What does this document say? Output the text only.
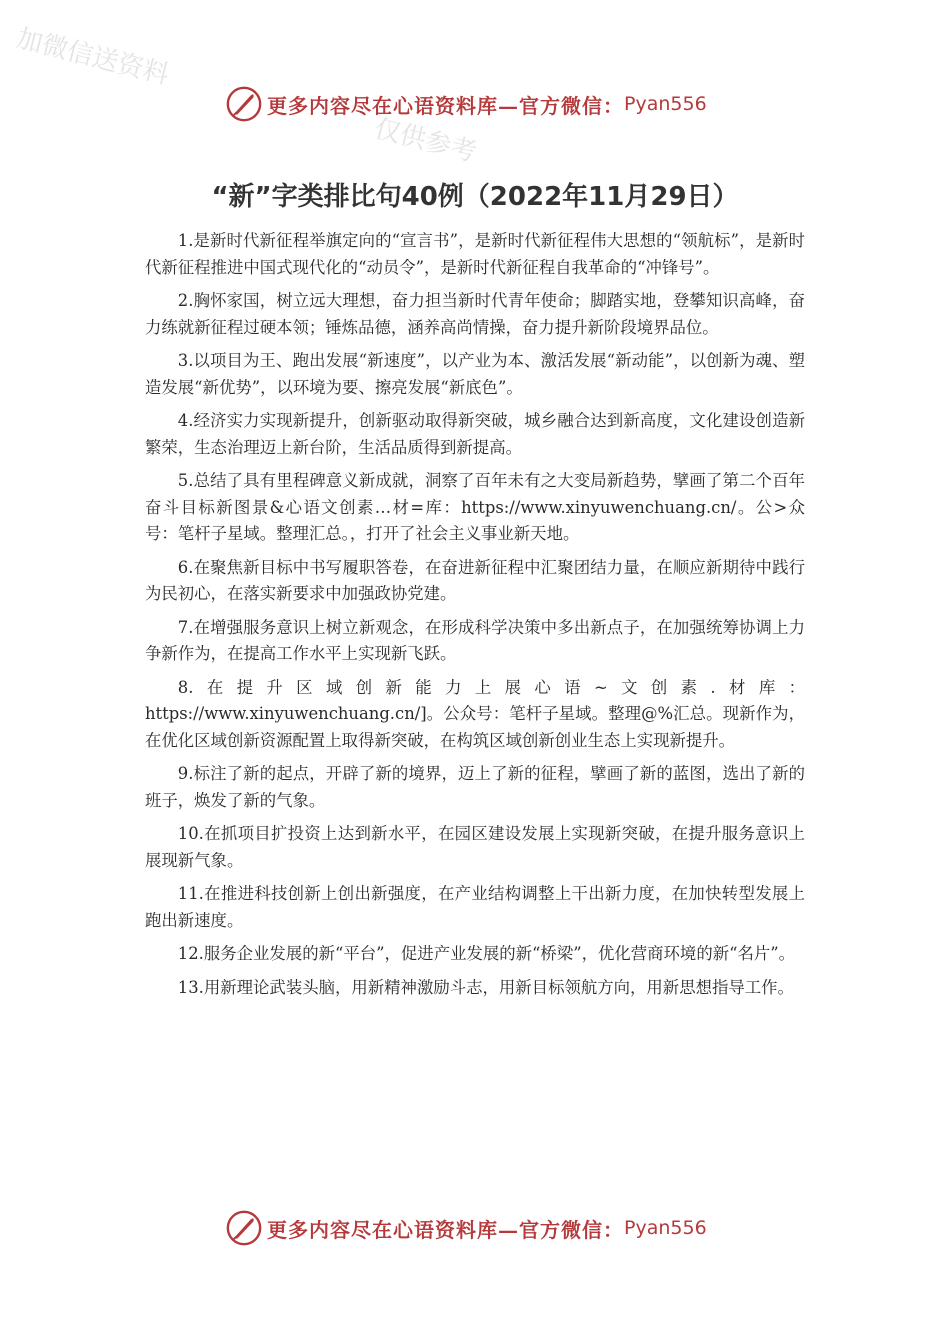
加微信送资料
仅供参考
更多内容尽在心语资料库—官方微信： Pyan556
“新”字类排比句40例（2022年11月29日）

1.是新时代新征程举旗定向的“宣言书”，是新时代新征程伟大思想的“领航标”，是新时代新征程推进中国式现代化的“动员令”，是新时代新征程自我革命的“冲锋号”。

2.胸怀家国，树立远大理想，奋力担当新时代青年使命；脚踏实地，登攀知识高峰，奋力练就新征程过硬本领；锤炼品德，涵养高尚情操，奋力提升新阶段境界品位。

3.以项目为王、跑出发展“新速度”，以产业为本、激活发展“新动能”，以创新为魂、塑造发展“新优势”，以环境为要、擦亮发展“新底色”。

4.经济实力实现新提升，创新驱动取得新突破，城乡融合达到新高度，文化建设创造新繁荣，生态治理迈上新台阶，生活品质得到新提高。

5.总结了具有里程碑意义新成就，洞察了百年未有之大变局新趋势，擘画了第二个百年奋斗目标新图景&心语文创素…材=库：https://www.xinyuwenchuang.cn/。公>众号：笔杆子星域。整理汇总。，打开了社会主义事业新天地。

6.在聚焦新目标中书写履职答卷，在奋进新征程中汇聚团结力量，在顺应新期待中践行为民初心，在落实新要求中加强政协党建。

7.在增强服务意识上树立新观念，在形成科学决策中多出新点子，在加强统筹协调上力争新作为，在提高工作水平上实现新飞跃。

8.在提升区域创新能力上展心语~文创素.材库：https://www.xinyuwenchuang.cn/]。公众号：笔杆子星域。整理@%汇总。现新作为，在优化区域创新资源配置上取得新突破，在构筑区域创新创业生态上实现新提升。

9.标注了新的起点，开辟了新的境界，迈上了新的征程，擘画了新的蓝图，选出了新的班子，焕发了新的气象。

10.在抓项目扩投资上达到新水平，在园区建设发展上实现新突破，在提升服务意识上展现新气象。

11.在推进科技创新上创出新强度，在产业结构调整上干出新力度，在加快转型发展上跑出新速度。

12.服务企业发展的新“平台”，促进产业发展的新“桥梁”，优化营商环境的新“名片”。

13.用新理论武装头脑，用新精神激励斗志，用新目标领航方向，用新思想指导工作。

更多内容尽在心语资料库—官方微信： Pyan556
